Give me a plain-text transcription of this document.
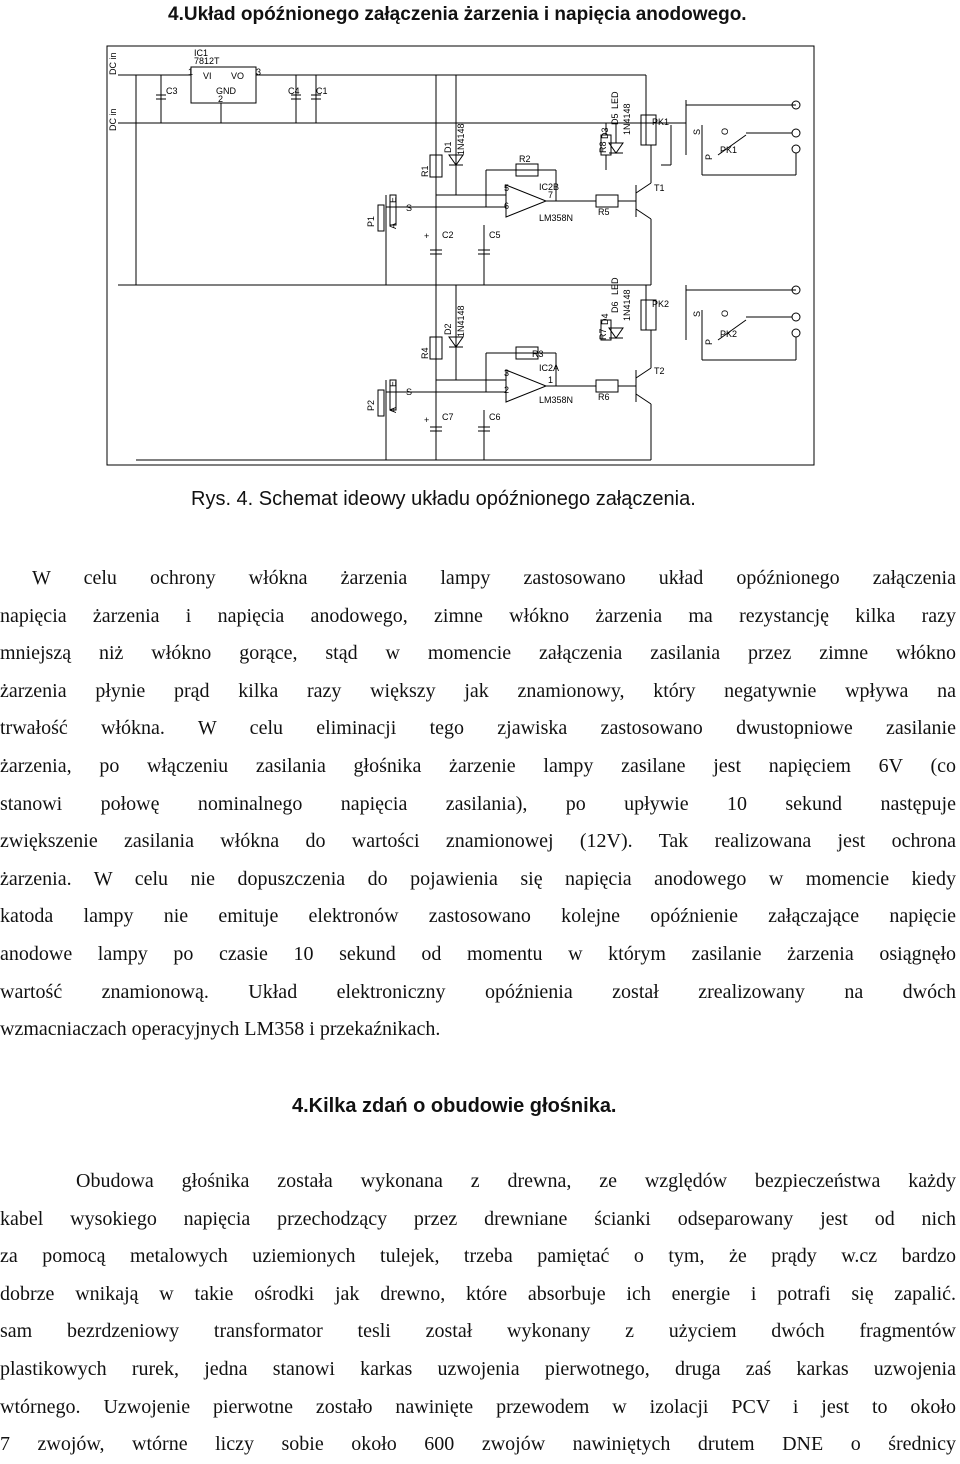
4.Układ opóźnionego załączenia żarzenia i napięcia anodowego.
DC in
DC in
IC1
7812T
VI VO
GND
1	3
2
C3	C4 C1
R1
D1 1N4148
R2
IC2B
LM358N
R5
T1
R8
D3
D5
LED
1N4148 PK1
PK1
P1
C2	C5
S
A
E
R4
D2 1N4148
R3
IC2A
LM358N	R6
T2
R7
D4
D6
LED
1N4148 PK2
PK2
P2
C7	C6
S
A
E
5
6
7
3
2
1
+
+
S O
P
S O
P
Rys. 4. Schemat ideowy układu opóźnionego załączenia.
W celu ochrony włókna żarzenia lampy zastosowano układ opóźnionego załączenia
napięcia żarzenia i napięcia anodowego, zimne włókno żarzenia ma rezystancję kilka razy
mniejszą niż włókno gorące, stąd w momencie załączenia zasilania przez zimne włókno
żarzenia płynie prąd kilka razy większy jak znamionowy, który negatywnie wpływa na
trwałość włókna. W celu eliminacji tego zjawiska zastosowano dwustopniowe zasilanie
żarzenia, po włączeniu zasilania głośnika żarzenie lampy zasilane jest napięciem 6V (co
stanowi połowę nominalnego napięcia zasilania), po upływie 10 sekund następuje
zwiększenie zasilania włókna do wartości znamionowej (12V). Tak realizowana jest ochrona
żarzenia. W celu nie dopuszczenia do pojawienia się napięcia anodowego w momencie kiedy
katoda lampy nie emituje elektronów zastosowano kolejne opóźnienie załączające napięcie
anodowe lampy po czasie 10 sekund od momentu w którym zasilanie żarzenia osiągnęło
wartość znamionową. Układ elektroniczny opóźnienia został zrealizowany na dwóch
wzmacniaczach operacyjnych LM358 i przekaźnikach.
4.Kilka zdań o obudowie głośnika.
Obudowa głośnika została wykonana z drewna, ze względów bezpieczeństwa każdy
kabel wysokiego napięcia przechodzący przez drewniane ścianki odseparowany jest od nich
za pomocą metalowych uziemionych tulejek, trzeba pamiętać o tym, że prądy w.cz bardzo
dobrze wnikają w takie ośrodki jak drewno, które absorbuje ich energie i potrafi się zapalić.
sam bezrdzeniowy transformator tesli został wykonany z użyciem dwóch fragmentów
plastikowych rurek, jedna stanowi karkas uzwojenia pierwotnego, druga zaś karkas uzwojenia
wtórnego. Uzwojenie pierwotne zostało nawinięte przewodem w izolacji PCV i jest to około
7 zwojów, wtórne liczy sobie około 600 zwojów nawiniętych drutem DNE o średnicy
